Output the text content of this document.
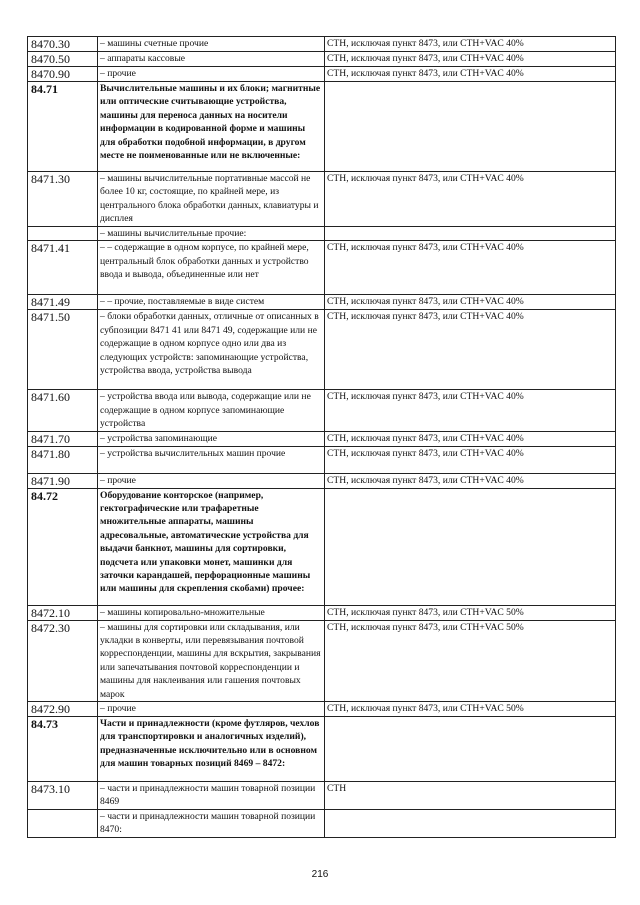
8470.30	– машины счетные прочие	СТН, исключая пункт 8473, или СТН+VAC 40%
8470.50	– аппараты кассовые	СТН, исключая пункт 8473, или СТН+VAC 40%
8470.90	– прочие	СТН, исключая пункт 8473, или СТН+VAC 40%
84.71	Вычислительные машины и их блоки; магнитные или оптические считывающие устройства, машины для переноса данных на носители информации в кодированной форме и машины для обработки подобной информации, в другом месте не поименованные или не включенные:	
8471.30	– машины вычислительные портативные массой не более 10 кг, состоящие, по крайней мере, из центрального блока обработки данных, клавиатуры и дисплея	СТН, исключая пункт 8473, или СТН+VAC 40%
	– машины вычислительные прочие:	
8471.41	– – содержащие в одном корпусе, по крайней мере, центральный блок обработки данных и устройство ввода и вывода, объединенные или нет	СТН, исключая пункт 8473, или СТН+VAC 40%
8471.49	– – прочие, поставляемые в виде систем	СТН, исключая пункт 8473, или СТН+VAC 40%
8471.50	– блоки обработки данных, отличные от описанных в субпозиции 8471 41 или 8471 49, содержащие или не содержащие в одном корпусе одно или два из следующих устройств: запоминающие устройства, устройства ввода, устройства вывода	СТН, исключая пункт 8473, или СТН+VAC 40%
8471.60	– устройства ввода или вывода, содержащие или не содержащие в одном корпусе запоминающие устройства	СТН, исключая пункт 8473, или СТН+VAC 40%
8471.70	– устройства запоминающие	СТН, исключая пункт 8473, или СТН+VAC 40%
8471.80	– устройства вычислительных машин прочие	СТН, исключая пункт 8473, или СТН+VAC 40%
8471.90	– прочие	СТН, исключая пункт 8473, или СТН+VAC 40%
84.72	Оборудование конторское (например, гектографические или трафаретные множительные аппараты, машины адресовальные, автоматические устройства для выдачи банкнот, машины для сортировки, подсчета или упаковки монет, машинки для заточки карандашей, перфорационные машины или машины для скрепления скобами) прочее:	
8472.10	– машины копировально-множительные	СТН, исключая пункт 8473, или СТН+VAC 50%
8472.30	– машины для сортировки или складывания, или укладки в конверты, или перевязывания почтовой корреспонденции, машины для вскрытия, закрывания или запечатывания почтовой корреспонденции и машины для наклеивания или гашения почтовых марок	СТН, исключая пункт 8473, или СТН+VAC 50%
8472.90	– прочие	СТН, исключая пункт 8473, или СТН+VAC 50%
84.73	Части и принадлежности (кроме футляров, чехлов для транспортировки и аналогичных изделий), предназначенные исключительно или в основном для машин товарных позиций 8469 – 8472:	
8473.10	– части и принадлежности машин товарной позиции 8469	СТН
	– части и принадлежности машин товарной позиции 8470:	
216
